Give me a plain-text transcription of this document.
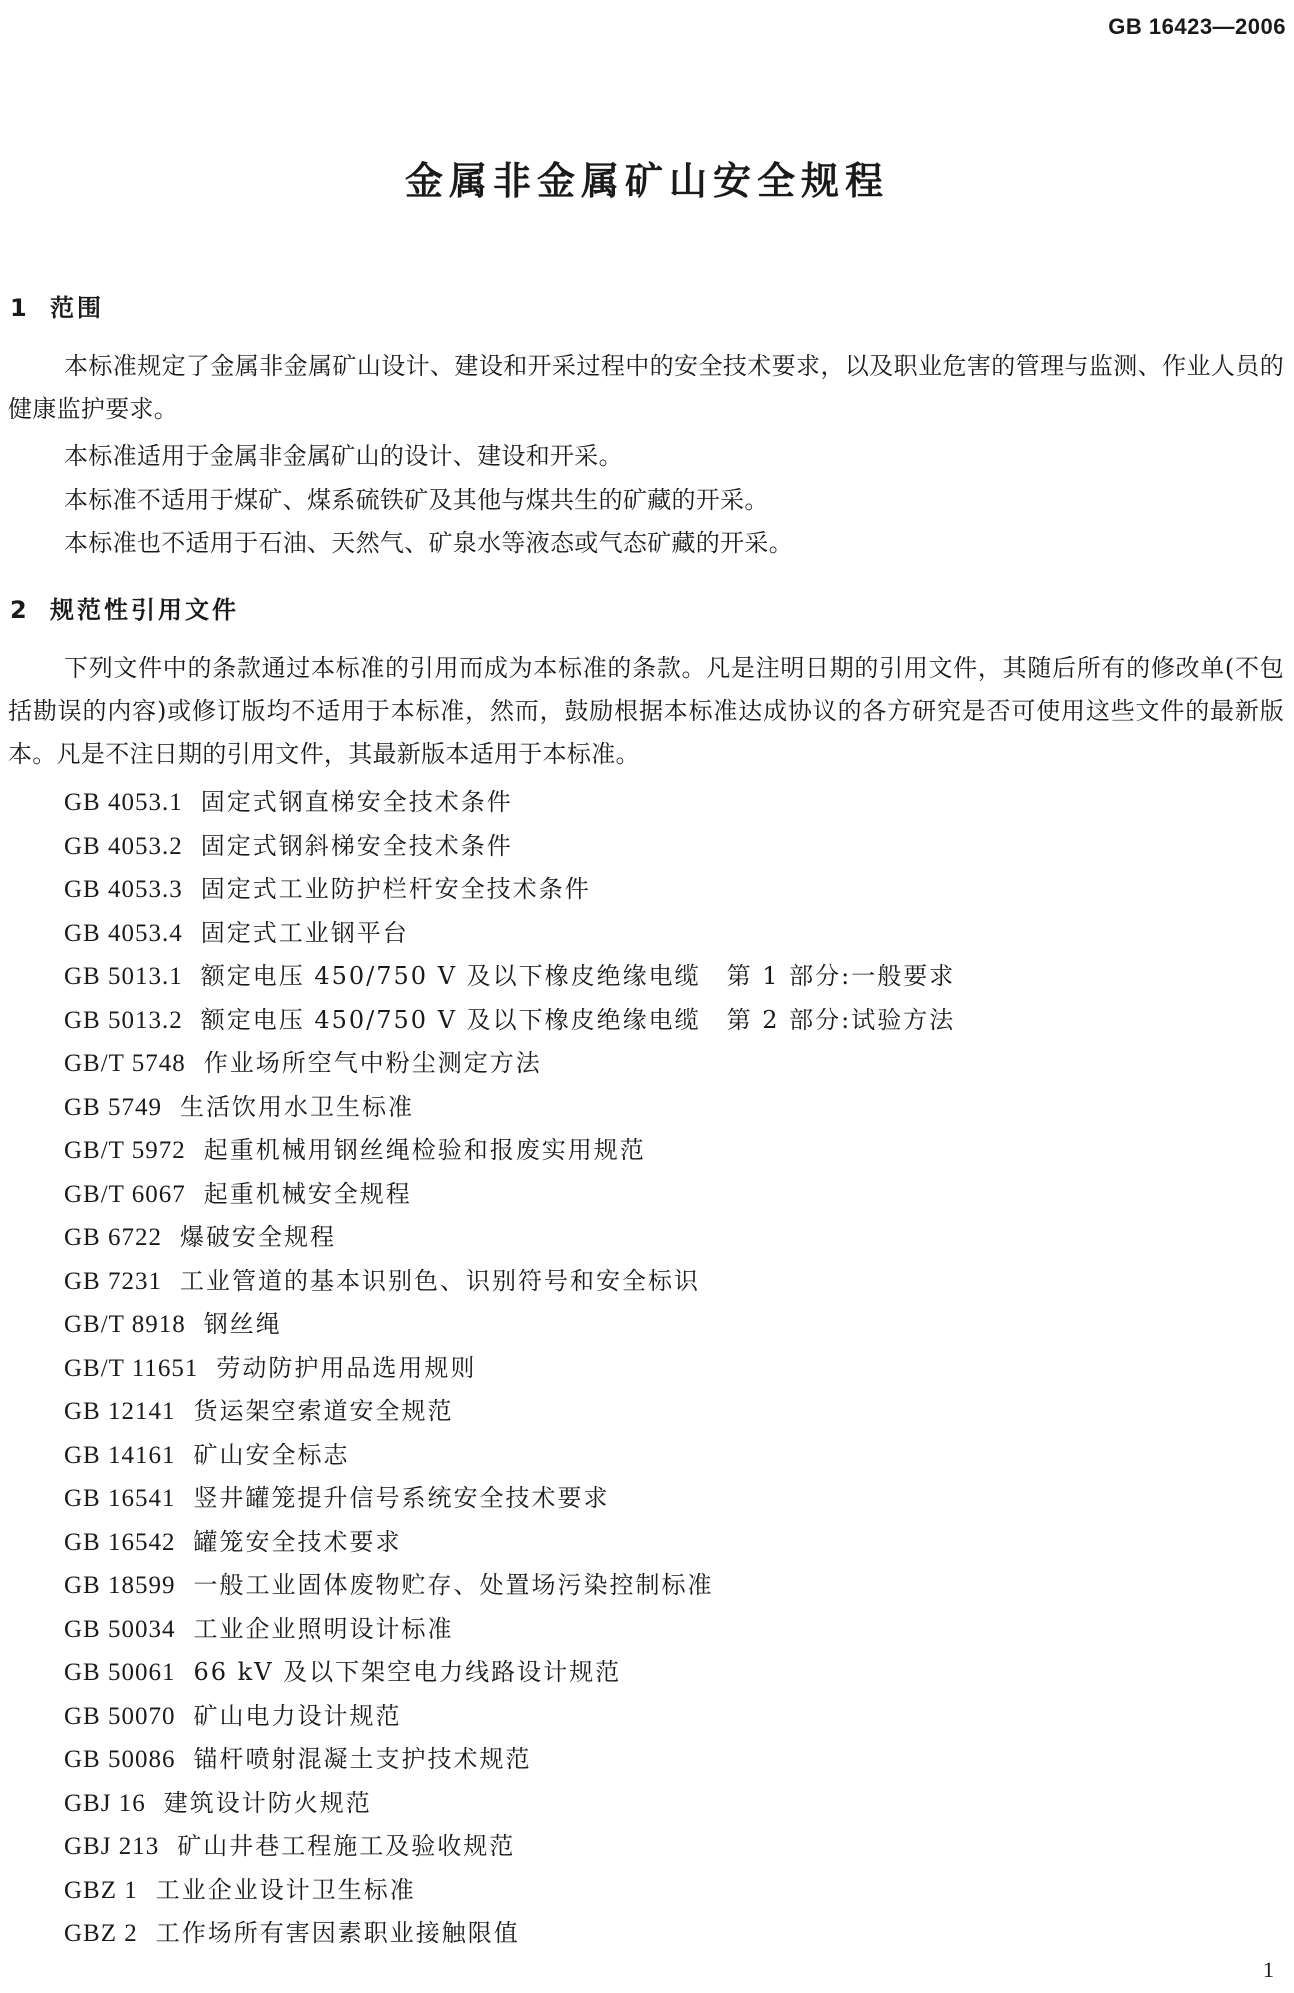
GB 16423—2006
金属非金属矿山安全规程
1 范围
本标准规定了金属非金属矿山设计、建设和开采过程中的安全技术要求，以及职业危害的管理与监测、作业人员的健康监护要求。
本标准适用于金属非金属矿山的设计、建设和开采。
本标准不适用于煤矿、煤系硫铁矿及其他与煤共生的矿藏的开采。
本标准也不适用于石油、天然气、矿泉水等液态或气态矿藏的开采。
2 规范性引用文件
下列文件中的条款通过本标准的引用而成为本标准的条款。凡是注明日期的引用文件，其随后所有的修改单(不包括勘误的内容)或修订版均不适用于本标准，然而，鼓励根据本标准达成协议的各方研究是否可使用这些文件的最新版本。凡是不注日期的引用文件，其最新版本适用于本标准。
GB 4053.1 固定式钢直梯安全技术条件
GB 4053.2 固定式钢斜梯安全技术条件
GB 4053.3 固定式工业防护栏杆安全技术条件
GB 4053.4 固定式工业钢平台
GB 5013.1 额定电压 450/750 V 及以下橡皮绝缘电缆　第 1 部分:一般要求
GB 5013.2 额定电压 450/750 V 及以下橡皮绝缘电缆　第 2 部分:试验方法
GB/T 5748 作业场所空气中粉尘测定方法
GB 5749 生活饮用水卫生标准
GB/T 5972 起重机械用钢丝绳检验和报废实用规范
GB/T 6067 起重机械安全规程
GB 6722 爆破安全规程
GB 7231 工业管道的基本识别色、识别符号和安全标识
GB/T 8918 钢丝绳
GB/T 11651 劳动防护用品选用规则
GB 12141 货运架空索道安全规范
GB 14161 矿山安全标志
GB 16541 竖井罐笼提升信号系统安全技术要求
GB 16542 罐笼安全技术要求
GB 18599 一般工业固体废物贮存、处置场污染控制标准
GB 50034 工业企业照明设计标准
GB 50061 66 kV 及以下架空电力线路设计规范
GB 50070 矿山电力设计规范
GB 50086 锚杆喷射混凝土支护技术规范
GBJ 16 建筑设计防火规范
GBJ 213 矿山井巷工程施工及验收规范
GBZ 1 工业企业设计卫生标准
GBZ 2 工作场所有害因素职业接触限值
1
